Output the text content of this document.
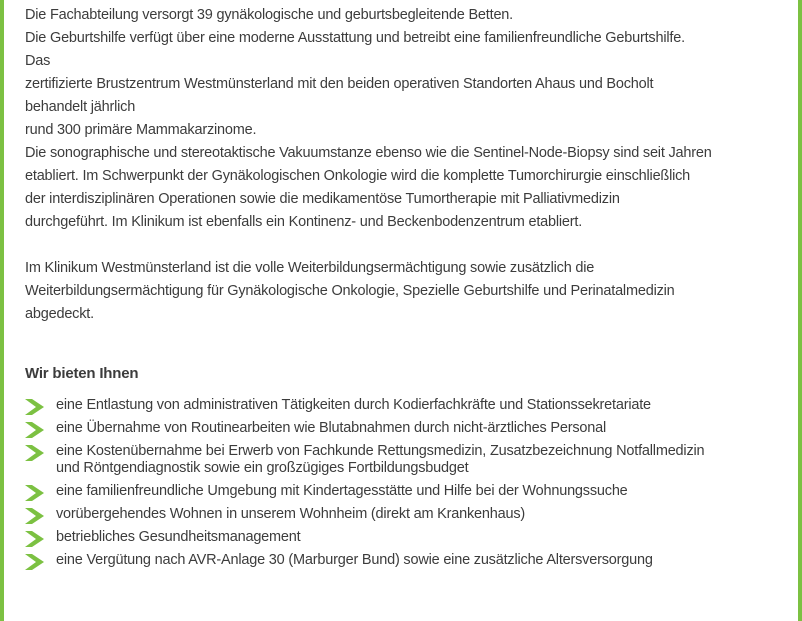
Die Fachabteilung versorgt 39 gynäkologische und geburtsbegleitende Betten.

Die Geburtshilfe verfügt über eine moderne Ausstattung und betreibt eine familienfreundliche Geburtshilfe.

Das

zertifizierte Brustzentrum Westmünsterland mit den beiden operativen Standorten Ahaus und Bocholt

behandelt jährlich

rund 300 primäre Mammakarzinome.

Die sonographische und stereotaktische Vakuumstanze ebenso wie die Sentinel-Node-Biopsy sind seit Jahren

etabliert. Im Schwerpunkt der Gynäkologischen Onkologie wird die komplette Tumorchirurgie einschließlich

der interdisziplinären Operationen sowie die medikamentöse Tumortherapie mit Palliativmedizin

durchgeführt. Im Klinikum ist ebenfalls ein Kontinenz- und Beckenbodenzentrum etabliert.

Im Klinikum Westmünsterland ist die volle Weiterbildungsermächtigung sowie zusätzlich die

Weiterbildungsermächtigung für Gynäkologische Onkologie, Spezielle Geburtshilfe und Perinatalmedizin

abgedeckt.

Wir bieten Ihnen
eine Entlastung von administrativen Tätigkeiten durch Kodierfachkräfte und Stationssekretariate
eine Übernahme von Routinearbeiten wie Blutabnahmen durch nicht-ärztliches Personal
eine Kostenübernahme bei Erwerb von Fachkunde Rettungsmedizin, Zusatzbezeichnung Notfallmedizin
und Röntgendiagnostik sowie ein großzügiges Fortbildungsbudget
eine familienfreundliche Umgebung mit Kindertagesstätte und Hilfe bei der Wohnungssuche
vorübergehendes Wohnen in unserem Wohnheim (direkt am Krankenhaus)
betriebliches Gesundheitsmanagement
eine Vergütung nach AVR-Anlage 30 (Marburger Bund) sowie eine zusätzliche Altersversorgung
